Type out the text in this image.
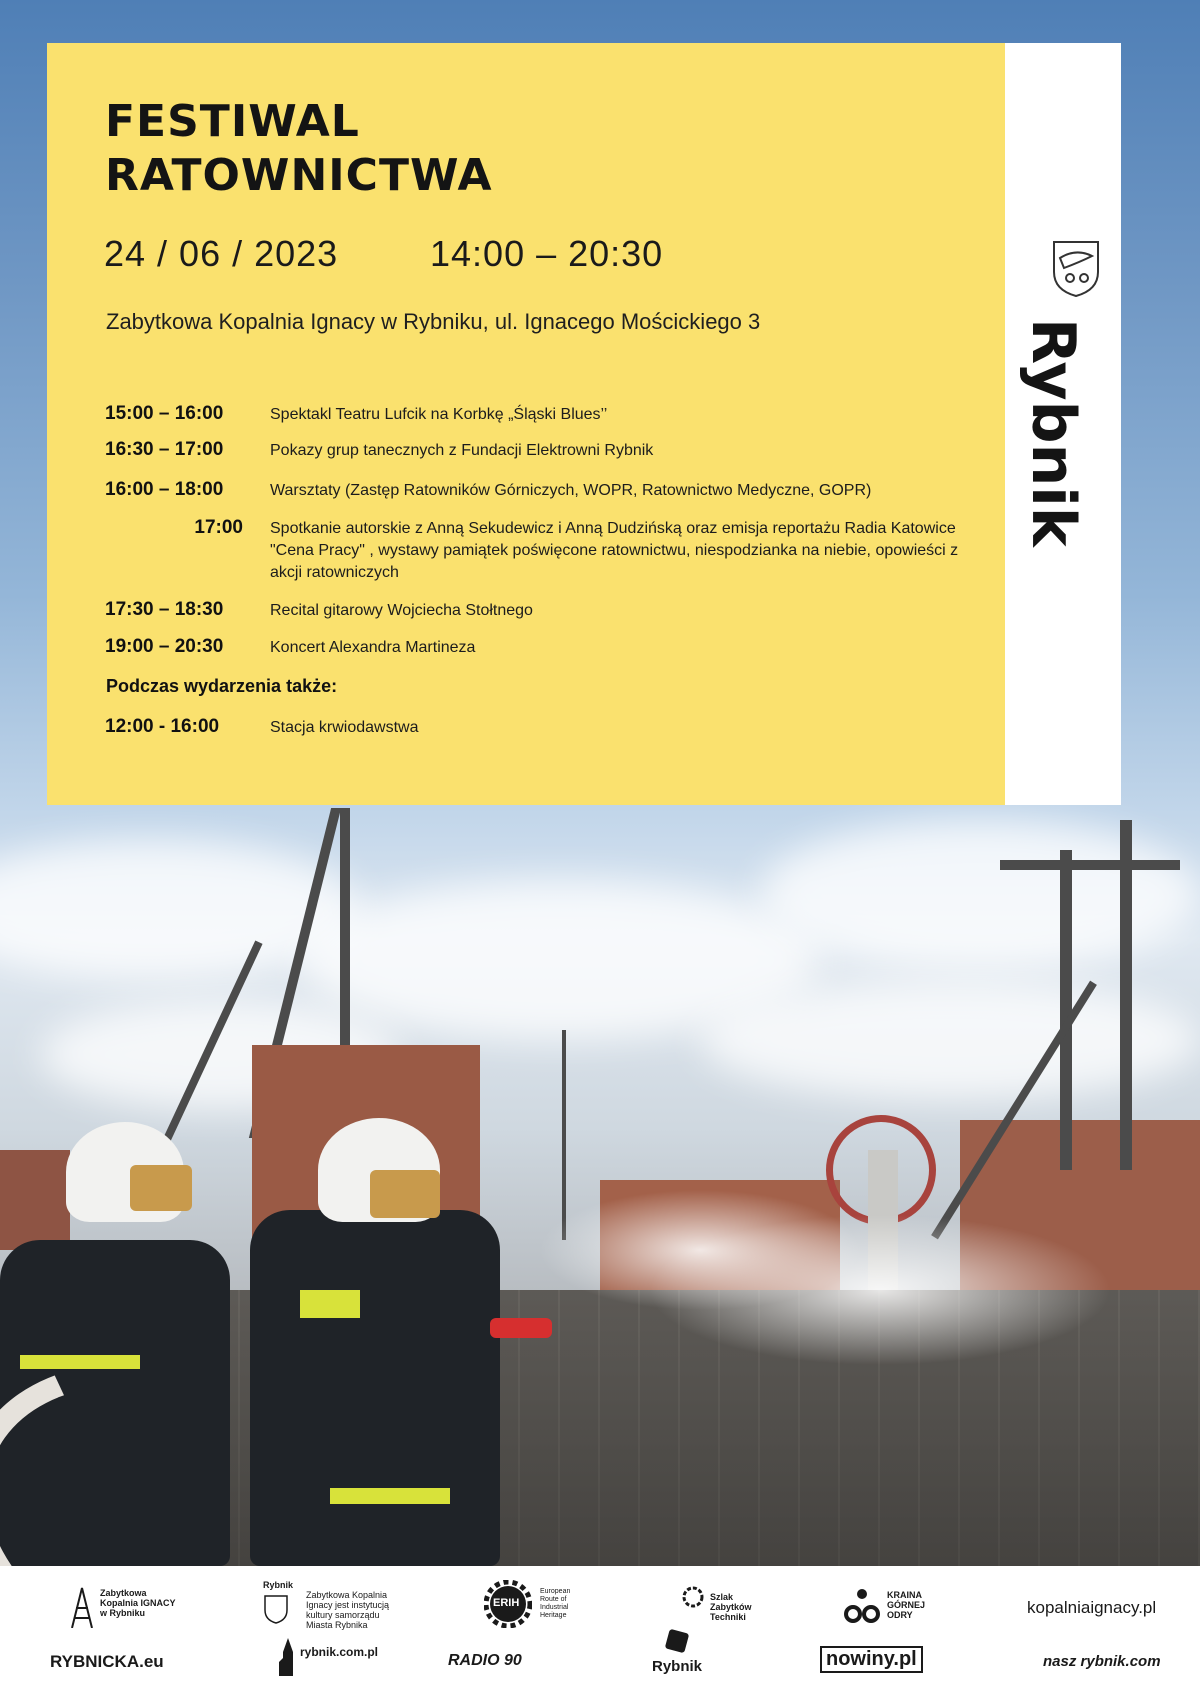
FESTIWAL
RATOWNICTWA
24 / 06 / 2023	14:00 – 20:30
Zabytkowa Kopalnia Ignacy w Rybniku, ul. Ignacego Mościckiego 3
15:00 – 16:00	Spektakl Teatru Lufcik na Korbkę „Śląski Blues’’
16:30 – 17:00	Pokazy grup tanecznych z Fundacji Elektrowni Rybnik
16:00 – 18:00	Warsztaty (Zastęp Ratowników Górniczych, WOPR, Ratownictwo Medyczne, GOPR)
17:00 Spotkanie autorskie z Anną Sekudewicz i Anną Dudzińską oraz emisja reportażu Radia Katowice "Cena Pracy" , wystawy pamiątek poświęcone ratownictwu, niespodzianka na niebie, opowieści z akcji ratowniczych
17:30 – 18:30	Recital gitarowy Wojciecha Stołtnego
19:00 – 20:30	Koncert Alexandra Martineza
Podczas wydarzenia także:
12:00 - 16:00	Stacja krwiodawstwa
Rybnik
Zabytkowa Kopalnia IGNACY w Rybniku
Rybnik
Zabytkowa Kopalnia Ignacy jest instytucją kultury samorządu Miasta Rybnika
ERIH
European Route of Industrial Heritage
Szlak Zabytków Techniki
KRAINA GÓRNEJ ODRY	kopalniaignacy.pl
RYBNICKA.eu	rybnik.com.pl	RADIO 90	Rybnik	nowiny.pl	nasz rybnik.com
